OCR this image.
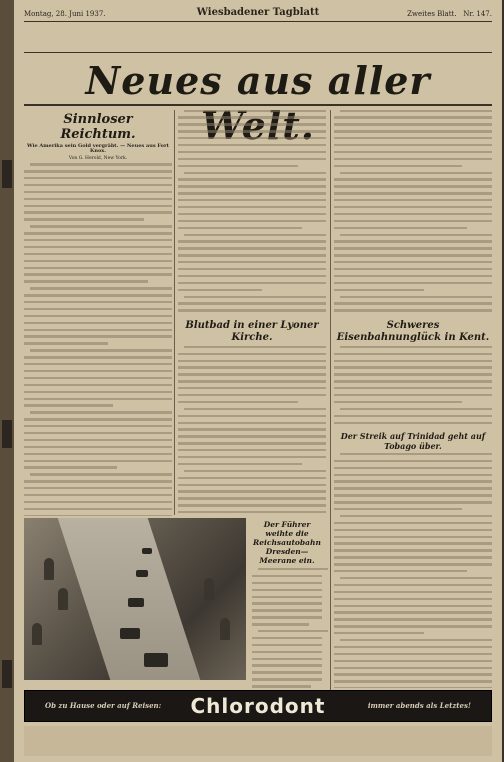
Montag, 28. Juni 1937.	Wiesbadener Tagblatt	Zweites Blatt. Nr. 147.
Neues aus aller
Sinnloser Reichtum.
Wie Amerika sein Gold vergräbt. — Neues aus Fort Knox.
Von G. Herold, New York.
Blutbad in einer Lyoner Kirche.
Schweres Eisenbahnunglück in Kent.
Der Streik auf Trinidad geht auf Tobago über.
Der Führer weihte die Reichsautobahn Dresden—Meerane ein.
Ob zu Hause oder auf Reisen:	Chlorodont	immer abends als Letztes!
